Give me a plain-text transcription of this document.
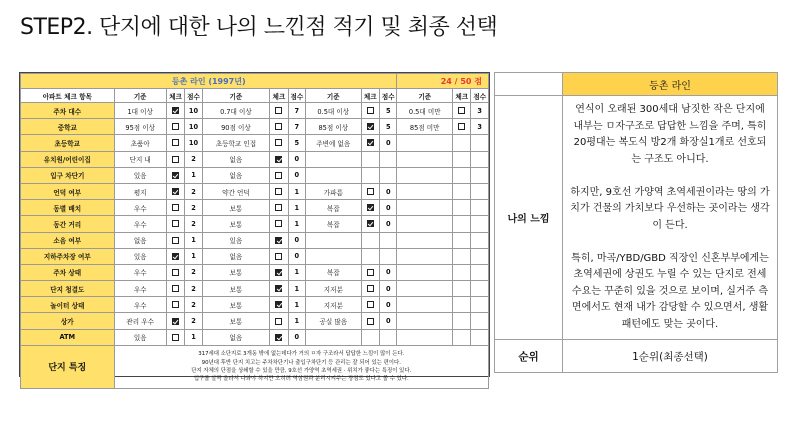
STEP2. 단지에 대한 나의 느낀점 적기 및 최종 선택
등촌 라인 (1997년)										24 / 50 점		
아파트 체크 항목	기준	체크	점수	기준	체크	점수	기준	체크	점수	기준	체크	점수
주차 대수	1대 이상		10	0.7대 이상		7	0.5대 이상		5	0.5대 미만		3
중학교	95점 이상		10	90점 이상		7	85점 이상		5	85점 미만		3
초등학교	초품아		10	초등학교 인접		5	주변에 없음		0			
유치원/어린이집	단지 내		2	없음		0						
입구 차단기	있음		1	없음		0						
언덕 여부	평지		2	약간 언덕		1	가파름		0			
동별 배치	우수		2	보통		1	복잡		0			
동간 거리	우수		2	보통		1	복잡		0			
소음 여부	없음		1	있음		0						
지하주차장 여부	있음		1	없음		0						
주차 상태	우수		2	보통		1	복잡		0			
단지 청결도	우수		2	보통		1	지저분		0			
놀이터 상태	우수		2	보통		1	지저분		0			
상가	관리 우수		2	보통		1	공실 많음		0			
ATM	있음		1	없음		0						
단지 특징	317세대 소단지로 3개동 밖에 없는데다가 거의 ㅁ자 구조라서 답답한 느낌이 많이 든다.
90년대 후반 단지 치고는 주차차단기나 출입구차단기 등 관리는 잘 되어 있는 편이다.
단지 자체의 단점을 상쇄할 수 있을 만큼, 9호선 가양역 초역세권 · 위치가 좋다는 특징이 있다.
입구를 살짝 올라서 나와야 하지만 오히려 역삼권과 분리시켜주는 장점도 있다고 볼 수 있다.											
	등촌 라인
나의 느낌	연식이 오래된 300세대 남짓한 작은 단지에 내부는 ㅁ자구조로 답답한 느낌을 주며, 특히 20평대는 복도식 방2개 화장실1개로 선호되는 구조도 아니다.

하지만, 9호선 가양역 초역세권이라는 땅의 가치가 건물의 가치보다 우선하는 곳이라는 생각이 든다.

특히, 마곡/YBD/GBD 직장인 신혼부부에게는 초역세권에 상권도 누릴 수 있는 단지로 전세 수요는 꾸준히 있을 것으로 보이며, 실거주 측면에서도 현재 내가 감당할 수 있으면서, 생활패턴에도 맞는 곳이다.

순위	1순위(최종선택)
